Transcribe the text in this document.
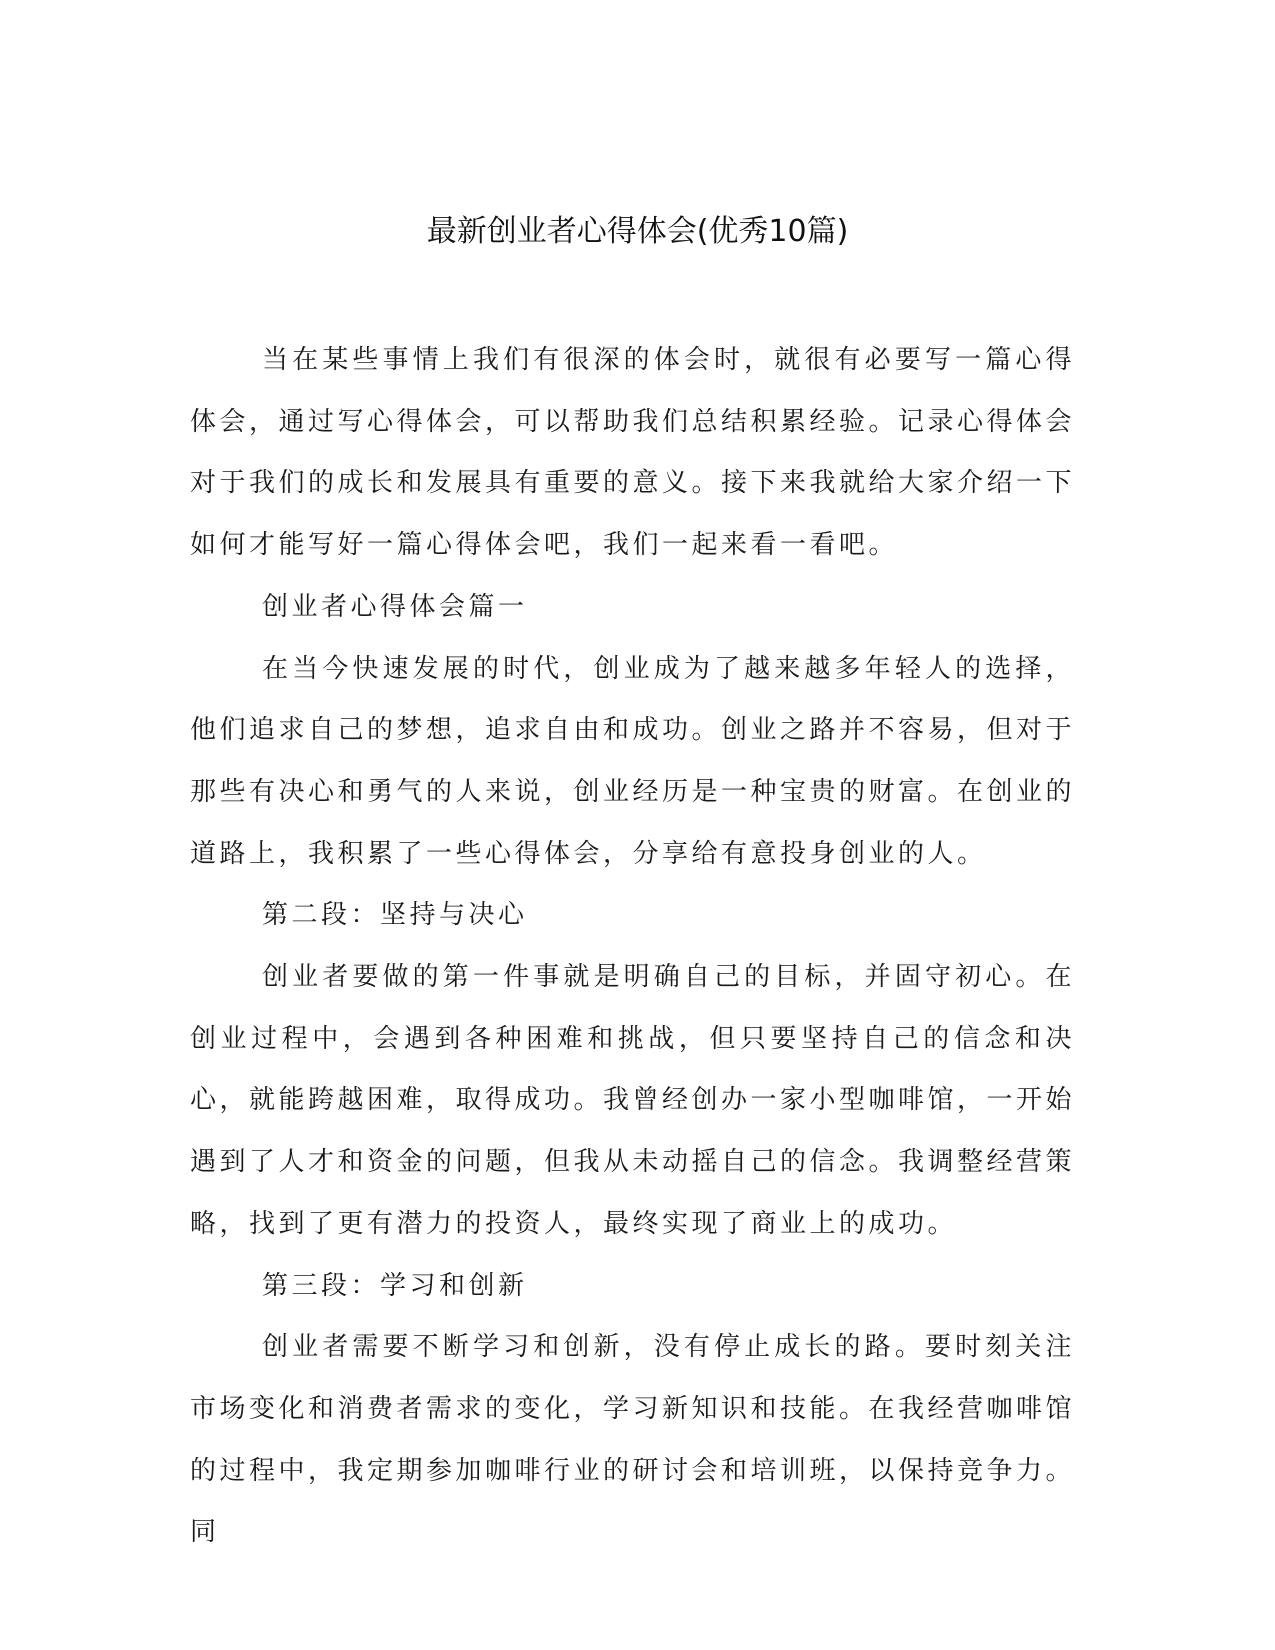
最新创业者心得体会(优秀10篇)

当在某些事情上我们有很深的体会时，就很有必要写一篇心得体会，通过写心得体会，可以帮助我们总结积累经验。记录心得体会对于我们的成长和发展具有重要的意义。接下来我就给大家介绍一下如何才能写好一篇心得体会吧，我们一起来看一看吧。

创业者心得体会篇一

在当今快速发展的时代，创业成为了越来越多年轻人的选择，他们追求自己的梦想，追求自由和成功。创业之路并不容易，但对于那些有决心和勇气的人来说，创业经历是一种宝贵的财富。在创业的道路上，我积累了一些心得体会，分享给有意投身创业的人。

第二段：坚持与决心

创业者要做的第一件事就是明确自己的目标，并固守初心。在创业过程中，会遇到各种困难和挑战，但只要坚持自己的信念和决心，就能跨越困难，取得成功。我曾经创办一家小型咖啡馆，一开始遇到了人才和资金的问题，但我从未动摇自己的信念。我调整经营策略，找到了更有潜力的投资人，最终实现了商业上的成功。

第三段：学习和创新

创业者需要不断学习和创新，没有停止成长的路。要时刻关注市场变化和消费者需求的变化，学习新知识和技能。在我经营咖啡馆的过程中，我定期参加咖啡行业的研讨会和培训班，以保持竞争力。同
